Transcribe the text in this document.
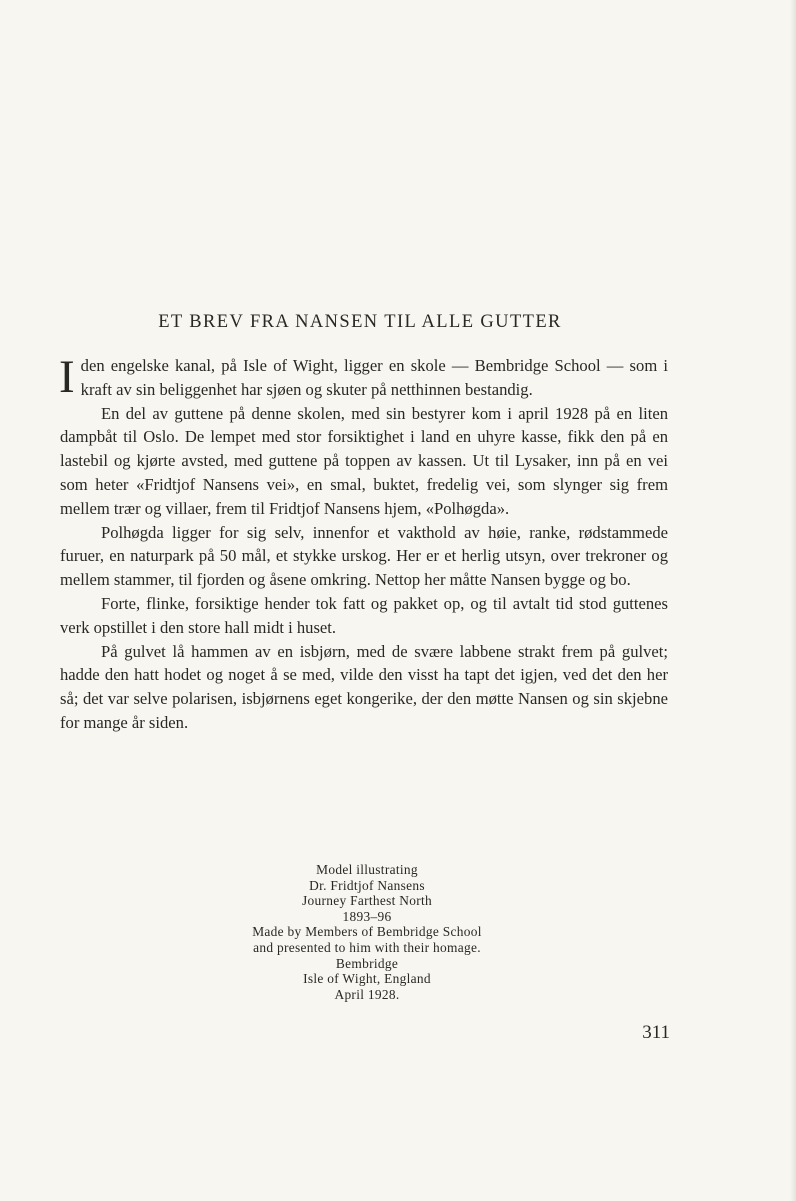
ET BREV FRA NANSEN TIL ALLE GUTTER

I den engelske kanal, på Isle of Wight, ligger en skole — Bembridge School — som i kraft av sin beliggenhet har sjøen og skuter på netthinnen bestandig.

En del av guttene på denne skolen, med sin bestyrer kom i april 1928 på en liten dampbåt til Oslo. De lempet med stor forsiktighet i land en uhyre kasse, fikk den på en lastebil og kjørte avsted, med guttene på toppen av kassen. Ut til Lysaker, inn på en vei som heter «Fridtjof Nansens vei», en smal, buktet, fredelig vei, som slynger sig frem mellem trær og villaer, frem til Fridtjof Nansens hjem, «Polhøgda».

Polhøgda ligger for sig selv, innenfor et vakthold av høie, ranke, rødstammede furuer, en naturpark på 50 mål, et stykke urskog. Her er et herlig utsyn, over trekroner og mellem stammer, til fjorden og åsene omkring. Nettop her måtte Nansen bygge og bo.

Forte, flinke, forsiktige hender tok fatt og pakket op, og til avtalt tid stod guttenes verk opstillet i den store hall midt i huset.

På gulvet lå hammen av en isbjørn, med de svære labbene strakt frem på gulvet; hadde den hatt hodet og noget å se med, vilde den visst ha tapt det igjen, ved det den her så; det var selve polarisen, isbjørnens eget kongerike, der den møtte Nansen og sin skjebne for mange år siden.

Model illustrating
Dr. Fridtjof Nansens
Journey Farthest North
1893–96
Made by Members of Bembridge School
and presented to him with their homage.
Bembridge
Isle of Wight, England
April 1928.
311
